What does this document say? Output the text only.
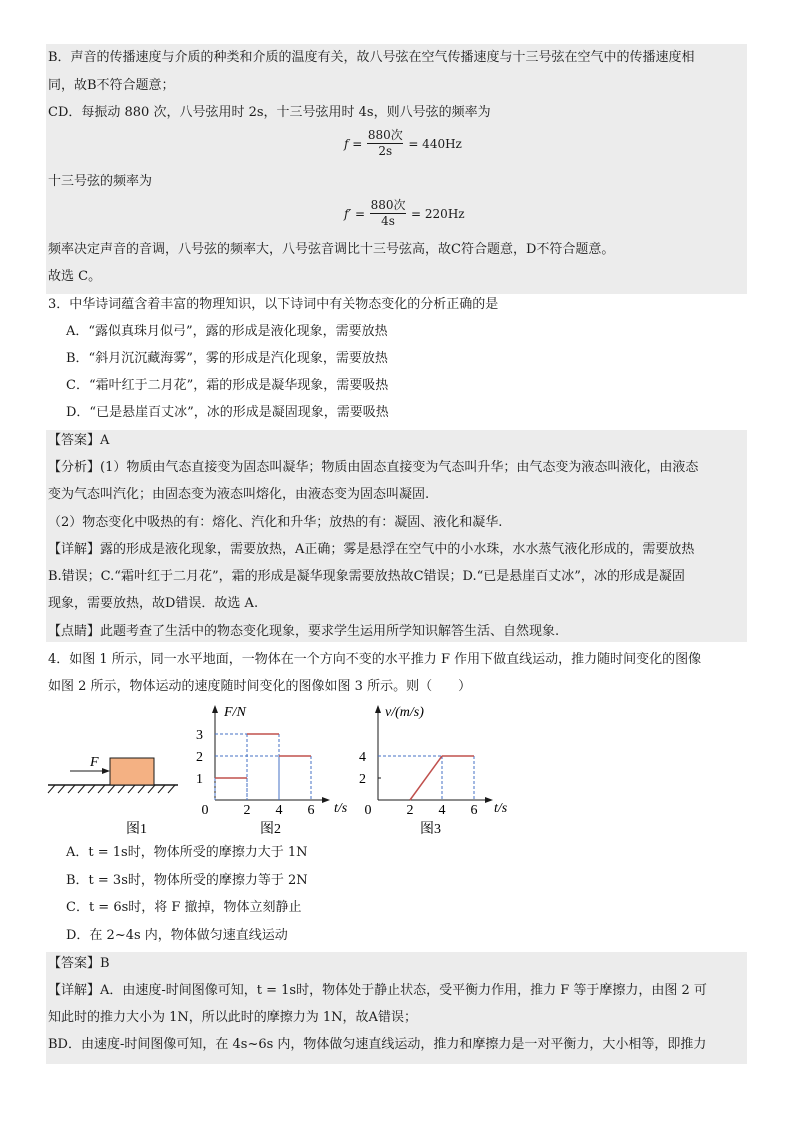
B．声音的传播速度与介质的种类和介质的温度有关，故八号弦在空气传播速度与十三号弦在空气中的传播速度相
同，故B不符合题意；
CD．每振动 880 次，八号弦用时 2s，十三号弦用时 4s，则八号弦的频率为
$f = \frac{\text{880次}}{2s} = 440Hz$
十三号弦的频率为
$f' = \frac{\text{880次}}{4s} = 220Hz$
频率决定声音的音调，八号弦的频率大，八号弦音调比十三号弦高，故C符合题意，D不符合题意。
故选 C。
3．中华诗词蕴含着丰富的物理知识，以下诗词中有关物态变化的分析正确的是
A．“露似真珠月似弓”，露的形成是液化现象，需要放热
B．“斜月沉沉藏海雾”，雾的形成是汽化现象，需要放热
C．“霜叶红于二月花”，霜的形成是凝华现象，需要吸热
D．“已是悬崖百丈冰”，冰的形成是凝固现象，需要吸热
【答案】A
【分析】(1）物质由气态直接变为固态叫凝华；物质由固态直接变为气态叫升华；由气态变为液态叫液化，由液态
变为气态叫汽化；由固态变为液态叫熔化，由液态变为固态叫凝固.
（2）物态变化中吸热的有：熔化、汽化和升华；放热的有：凝固、液化和凝华.
【详解】露的形成是液化现象，需要放热，A正确；雾是悬浮在空气中的小水珠，水水蒸气液化形成的，需要放热
B.错误；C.“霜叶红于二月花”，霜的形成是凝华现象需要放热故C错误；D.“已是悬崖百丈冰”，冰的形成是凝固
现象，需要放热，故D错误．故选 A.
【点睛】此题考查了生活中的物态变化现象，要求学生运用所学知识解答生活、自然现象.
4．如图 1 所示，同一水平地面，一物体在一个方向不变的水平推力 F 作用下做直线运动，推力随时间变化的图像
如图 2 所示，物体运动的速度随时间变化的图像如图 3 所示。则（　　）
F
图1
F/N
t/s
图2
1
2
3
0	2 4 6
v/(m/s)
t/s
图3
2
4
0	2 4 6
A．t = 1s时，物体所受的摩擦力大于 1N
B．t = 3s时，物体所受的摩擦力等于 2N
C．t = 6s时，将 F 撤掉，物体立刻静止
D．在 2~4s 内，物体做匀速直线运动
【答案】B
【详解】A．由速度-时间图像可知，t = 1s时，物体处于静止状态，受平衡力作用，推力 F 等于摩擦力，由图 2 可
知此时的推力大小为 1N，所以此时的摩擦力为 1N，故A错误；
BD．由速度-时间图像可知，在 4s~6s 内，物体做匀速直线运动，推力和摩擦力是一对平衡力，大小相等，即推力
